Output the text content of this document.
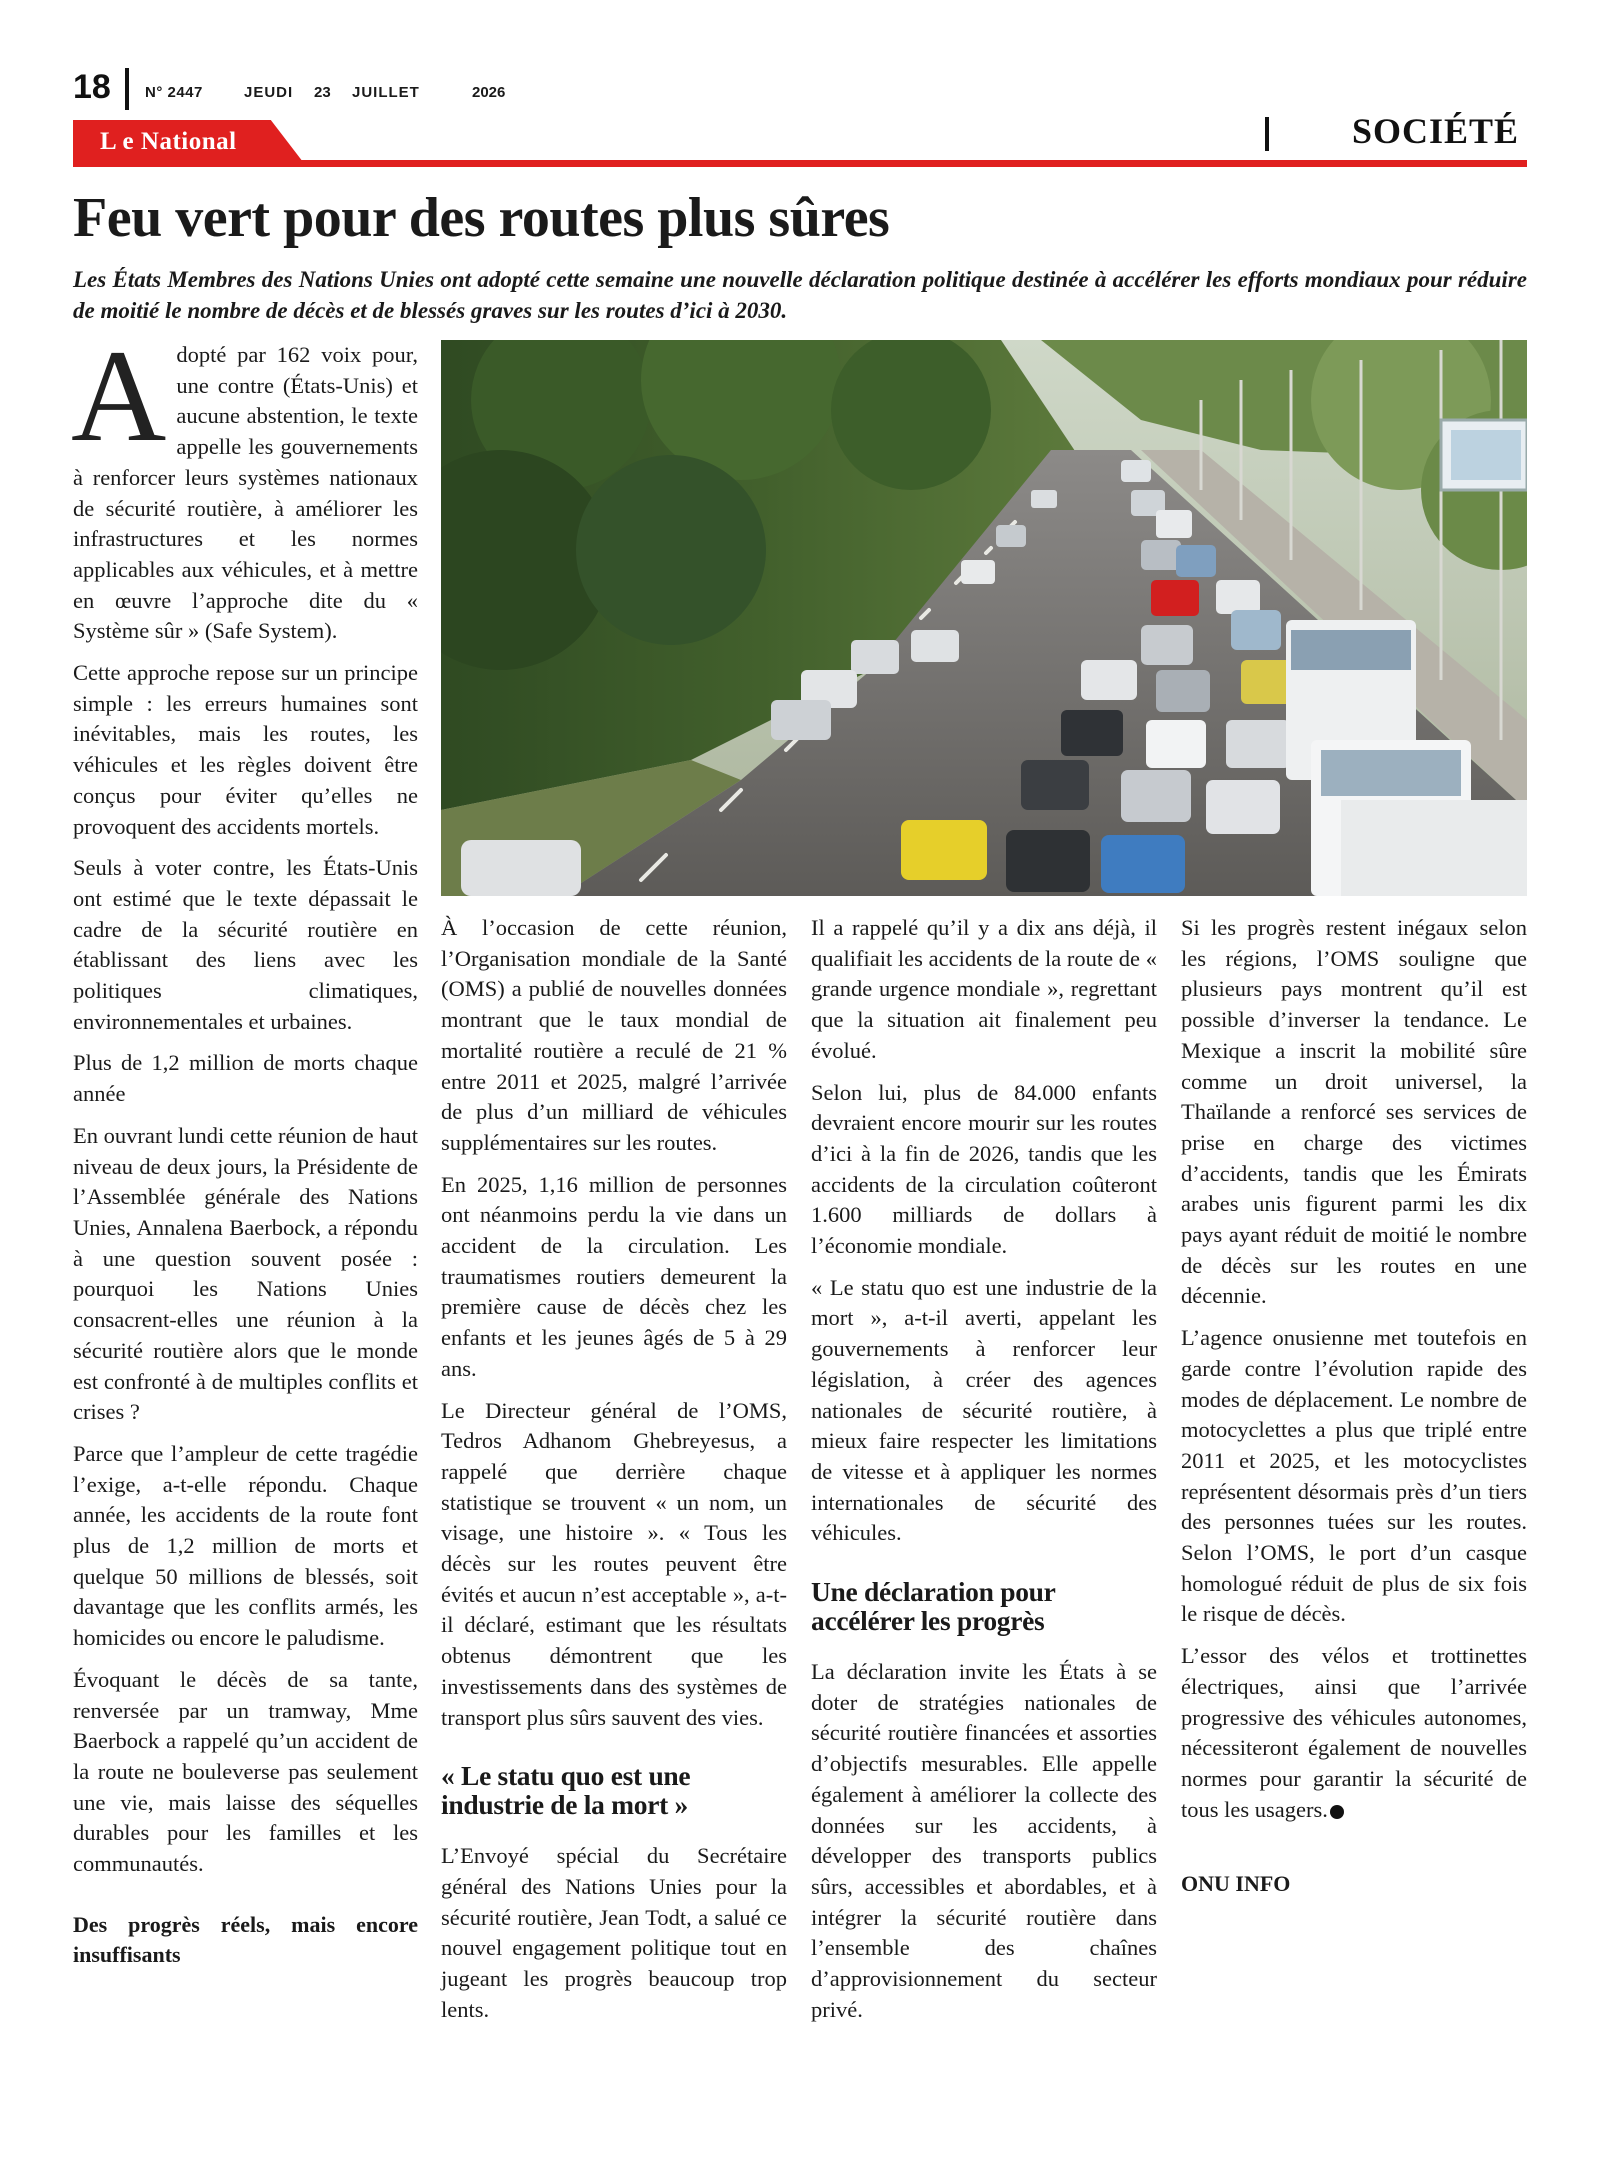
18 N° 2447	JEUDI 23 JUILLET	2026
L e National	SOCIÉTÉ
Feu vert pour des routes plus sûres

Les États Membres des Nations Unies ont adopté cette semaine une nouvelle déclaration politique destinée à accélérer les efforts mondiaux pour réduire de moitié le nombre de décès et de blessés graves sur les routes d’ici à 2030.

Adopté par 162 voix pour, une contre (États-Unis) et aucune abstention, le texte appelle les gouvernements à renforcer leurs systèmes nationaux de sécurité routière, à améliorer les infrastructures et les normes applicables aux véhicules, et à mettre en œuvre l’approche dite du « Système sûr » (Safe System).

Cette approche repose sur un principe simple : les erreurs humaines sont inévitables, mais les routes, les véhicules et les règles doivent être conçus pour éviter qu’elles ne provoquent des accidents mortels.

Seuls à voter contre, les États-Unis ont estimé que le texte dépassait le cadre de la sécurité routière en établissant des liens avec les politiques climatiques, environnementales et urbaines.

Plus de 1,2 million de morts chaque année

En ouvrant lundi cette réunion de haut niveau de deux jours, la Présidente de l’Assemblée générale des Nations Unies, Annalena Baerbock, a répondu à une question souvent posée : pourquoi les Nations Unies consacrent-elles une réunion à la sécurité routière alors que le monde est confronté à de multiples conflits et crises ?

Parce que l’ampleur de cette tragédie l’exige, a-t-elle répondu. Chaque année, les accidents de la route font plus de 1,2 million de morts et quelque 50 millions de blessés, soit davantage que les conflits armés, les homicides ou encore le paludisme.

Évoquant le décès de sa tante, renversée par un tramway, Mme Baerbock a rappelé qu’un accident de la route ne bouleverse pas seulement une vie, mais laisse des séquelles durables pour les familles et les communautés.

Des progrès réels, mais encore insuffisants

À l’occasion de cette réunion, l’Organisation mondiale de la Santé (OMS) a publié de nouvelles données montrant que le taux mondial de mortalité routière a reculé de 21 % entre 2011 et 2025, malgré l’arrivée de plus d’un milliard de véhicules supplémentaires sur les routes.

En 2025, 1,16 million de personnes ont néanmoins perdu la vie dans un accident de la circulation. Les traumatismes routiers demeurent la première cause de décès chez les enfants et les jeunes âgés de 5 à 29 ans.

Le Directeur général de l’OMS, Tedros Adhanom Ghebreyesus, a rappelé que derrière chaque statistique se trouvent « un nom, un visage, une histoire ». « Tous les décès sur les routes peuvent être évités et aucun n’est acceptable », a-t-il déclaré, estimant que les résultats obtenus démontrent que les investissements dans des systèmes de transport plus sûrs sauvent des vies.

« Le statu quo est une industrie de la mort »

L’Envoyé spécial du Secrétaire général des Nations Unies pour la sécurité routière, Jean Todt, a salué ce nouvel engagement politique tout en jugeant les progrès beaucoup trop lents.

Il a rappelé qu’il y a dix ans déjà, il qualifiait les accidents de la route de « grande urgence mondiale », regrettant que la situation ait finalement peu évolué.

Selon lui, plus de 84.000 enfants devraient encore mourir sur les routes d’ici à la fin de 2026, tandis que les accidents de la circulation coûteront 1.600 milliards de dollars à l’économie mondiale.

« Le statu quo est une industrie de la mort », a-t-il averti, appelant les gouvernements à renforcer leur législation, à créer des agences nationales de sécurité routière, à mieux faire respecter les limitations de vitesse et à appliquer les normes internationales de sécurité des véhicules.

Une déclaration pour accélérer les progrès

La déclaration invite les États à se doter de stratégies nationales de sécurité routière financées et assorties d’objectifs mesurables. Elle appelle également à améliorer la collecte des données sur les accidents, à développer des transports publics sûrs, accessibles et abordables, et à intégrer la sécurité routière dans l’ensemble des chaînes d’approvisionnement du secteur privé.

Si les progrès restent inégaux selon les régions, l’OMS souligne que plusieurs pays montrent qu’il est possible d’inverser la tendance. Le Mexique a inscrit la mobilité sûre comme un droit universel, la Thaïlande a renforcé ses services de prise en charge des victimes d’accidents, tandis que les Émirats arabes unis figurent parmi les dix pays ayant réduit de moitié le nombre de décès sur les routes en une décennie.

L’agence onusienne met toutefois en garde contre l’évolution rapide des modes de déplacement. Le nombre de motocyclettes a plus que triplé entre 2011 et 2025, et les motocyclistes représentent désormais près d’un tiers des personnes tuées sur les routes. Selon l’OMS, le port d’un casque homologué réduit de plus de six fois le risque de décès.

L’essor des vélos et trottinettes électriques, ainsi que l’arrivée progressive des véhicules autonomes, nécessiteront également de nouvelles normes pour garantir la sécurité de tous les usagers.

ONU INFO
